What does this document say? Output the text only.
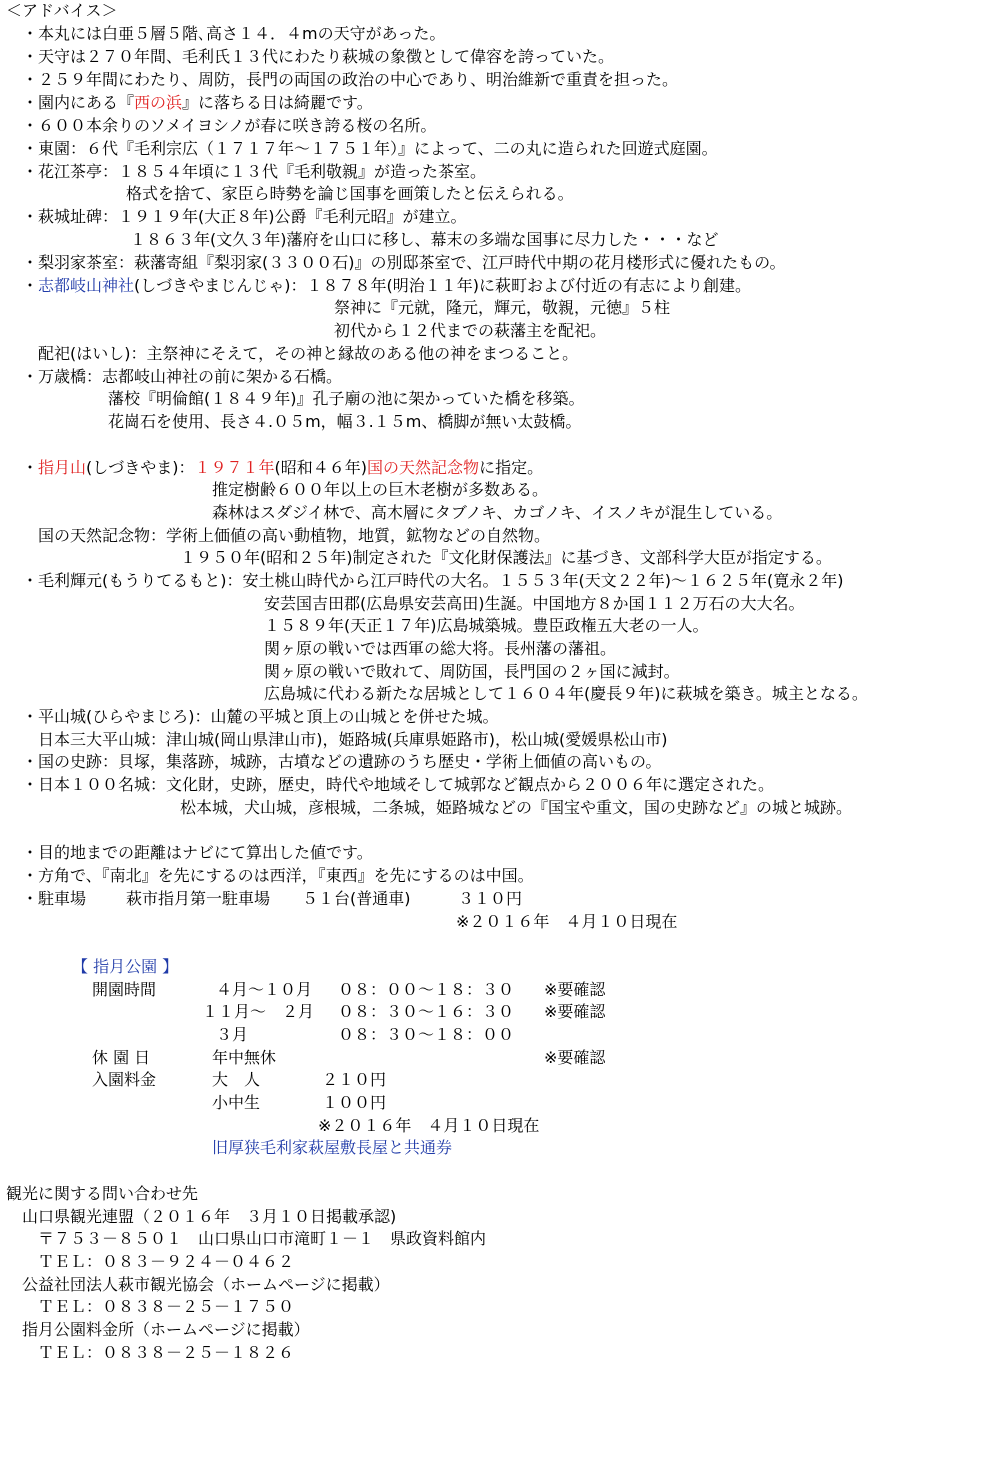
＜アドバイス＞
・本丸には白亜５層５階､高さ１４．４mの天守があった。
・天守は２７０年間、毛利氏１３代にわたり萩城の象徴として偉容を誇っていた。
・２５９年間にわたり、周防，長門の両国の政治の中心であり、明治維新で重責を担った。
・園内にある『西の浜』に落ちる日は綺麗です。
・６００本余りのソメイヨシノが春に咲き誇る桜の名所。
・東園：６代『毛利宗広（１７１７年～１７５１年）』によって、二の丸に造られた回遊式庭園。
・花江茶亭：１８５４年頃に１３代『毛利敬親』が造った茶室。
格式を捨て、家臣ら時勢を論じ国事を画策したと伝えられる。
・萩城址碑：１９１９年(大正８年)公爵『毛利元昭』が建立。
１８６３年(文久３年)藩府を山口に移し、幕末の多端な国事に尽力した・・・など
・梨羽家茶室：萩藩寄組『梨羽家(３３００石)』の別邸茶室で、江戸時代中期の花月楼形式に優れたもの。
・志都岐山神社(しづきやまじんじゃ)：１８７８年(明治１１年)に萩町および付近の有志により創建。
祭神に『元就，隆元，輝元，敬親，元徳』５柱
初代から１２代までの萩藩主を配祀。
配祀(はいし)：主祭神にそえて，その神と縁故のある他の神をまつること。
・万歳橋：志都岐山神社の前に架かる石橋。
藩校『明倫館(１８４９年)』孔子廟の池に架かっていた橋を移築。
花崗石を使用、長さ４.０５m，幅３.１５m、橋脚が無い太鼓橋。
・指月山(しづきやま)：１９７１年(昭和４６年)国の天然記念物に指定。
推定樹齢６００年以上の巨木老樹が多数ある。
森林はスダジイ林で、高木層にタブノキ、カゴノキ、イスノキが混生している。
国の天然記念物：学術上価値の高い動植物，地質，鉱物などの自然物。
１９５０年(昭和２５年)制定された『文化財保護法』に基づき、文部科学大臣が指定する。
・毛利輝元(もうりてるもと)：安土桃山時代から江戸時代の大名。１５５３年(天文２２年)～１６２５年(寛永２年)
安芸国吉田郡(広島県安芸高田)生誕。中国地方８か国１１２万石の大大名。
１５８９年(天正１７年)広島城築城。豊臣政権五大老の一人。
関ヶ原の戦いでは西軍の総大将。長州藩の藩祖。
関ヶ原の戦いで敗れて、周防国，長門国の２ヶ国に減封。
広島城に代わる新たな居城として１６０４年(慶長９年)に萩城を築き。城主となる。
・平山城(ひらやまじろ)：山麓の平城と頂上の山城とを併せた城。
日本三大平山城：津山城(岡山県津山市)，姫路城(兵庫県姫路市)，松山城(愛媛県松山市)
・国の史跡：貝塚，集落跡，城跡，古墳などの遺跡のうち歴史・学術上価値の高いもの。
・日本１００名城：文化財，史跡，歴史，時代や地域そして城郭など観点から２００６年に選定された。
松本城，犬山城，彦根城，二条城，姫路城などの『国宝や重文，国の史跡など』の城と城跡。
・目的地までの距離はナビにて算出した値です。
・方角で、『南北』を先にするのは西洋，『東西』を先にするのは中国。
・駐車場 萩市指月第一駐車場 ５１台(普通車)	３１０円
※２０１６年　４月１０日現在
【 指月公園 】
開園時間	４月～１０月 ０８：００～１８：３０ ※要確認
１１月～　２月 ０８：３０～１６：３０ ※要確認
３月	０８：３０～１８：００
休 園 日	年中無休	※要確認
入園料金	大　人	２１０円
小中生	１００円
※２０１６年　４月１０日現在
旧厚狭毛利家萩屋敷長屋と共通券
観光に関する問い合わせ先
山口県観光連盟（２０１６年　３月１０日掲載承認)
〒７５３－８５０１　山口県山口市滝町１－１　県政資料館内
ＴＥＬ：０８３－９２４－０４６２
公益社団法人萩市観光協会（ホームページに掲載）
ＴＥＬ：０８３８－２５－１７５０
指月公園料金所（ホームページに掲載）
ＴＥＬ：０８３８－２５－１８２６
